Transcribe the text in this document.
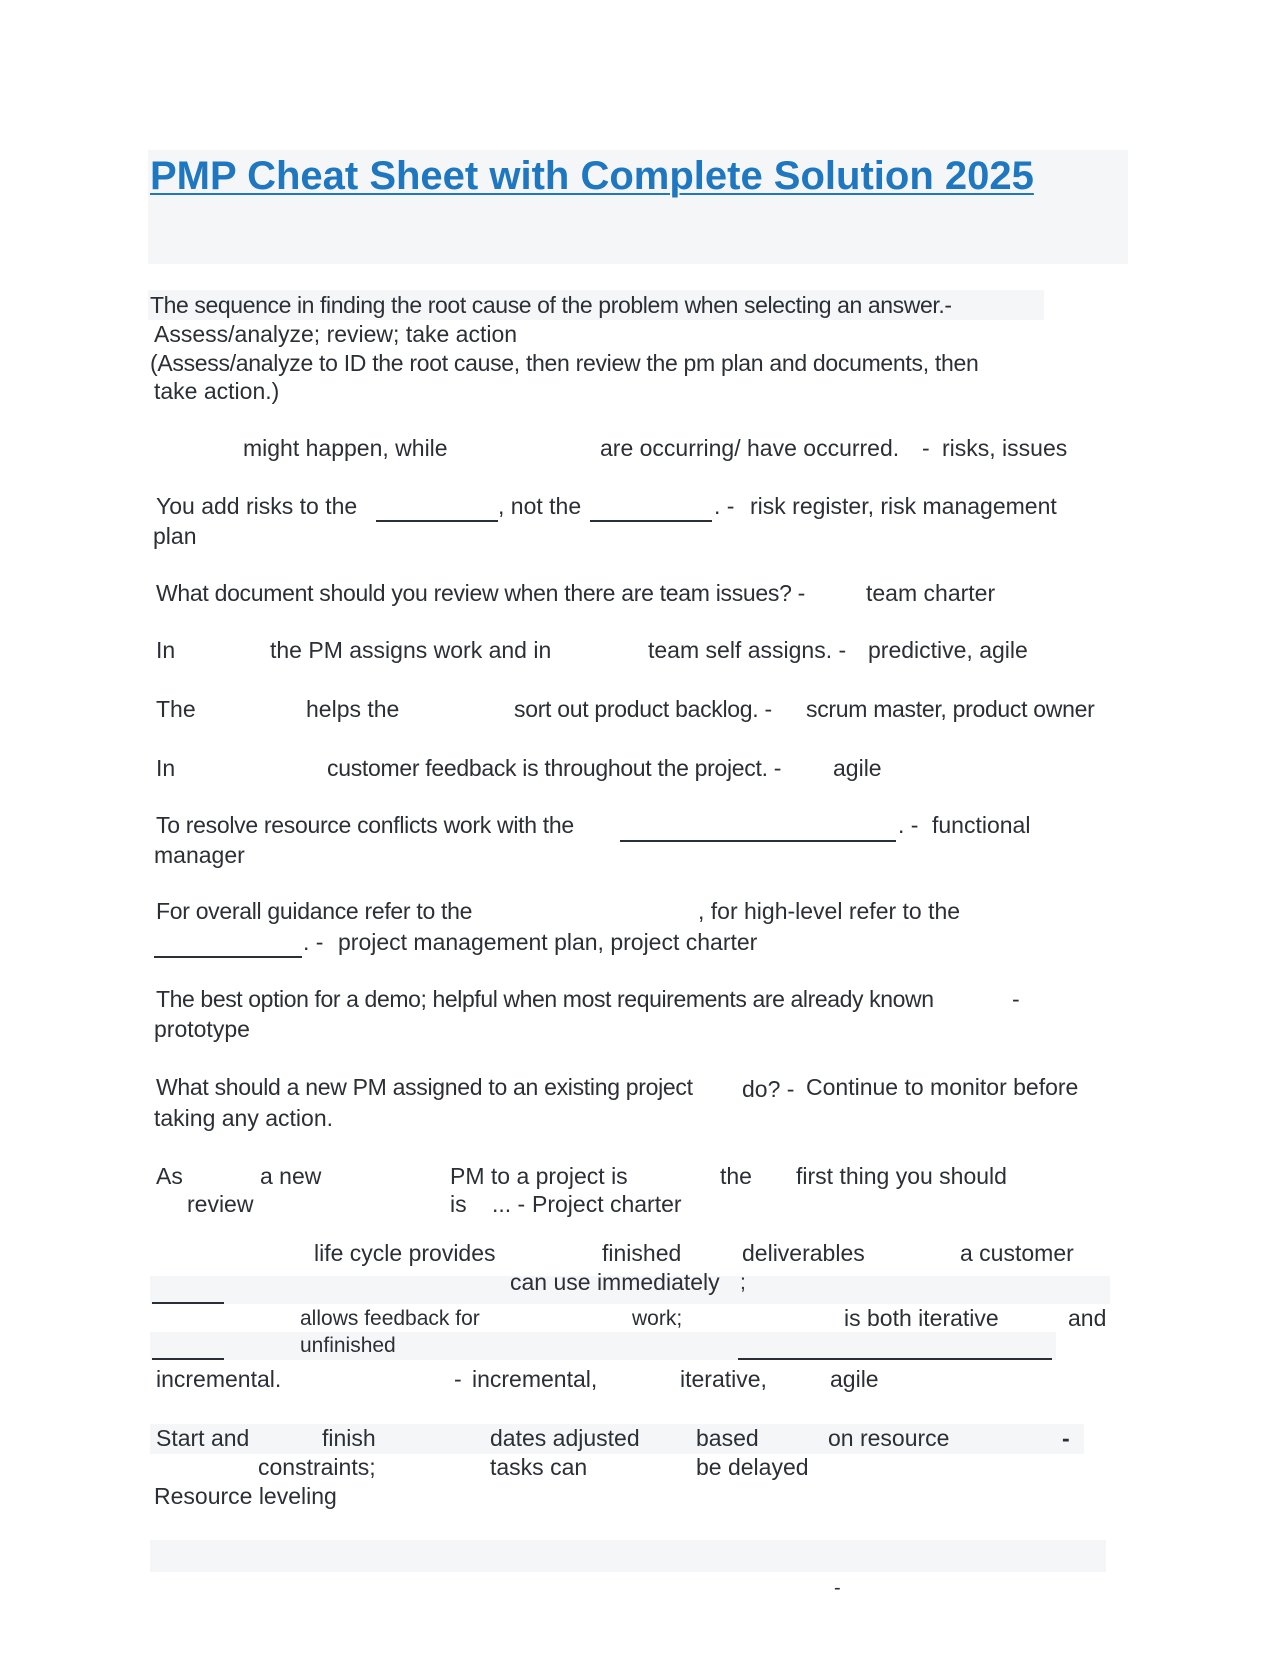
PMP Cheat Sheet with Complete Solution 2025
The sequence in finding the root cause of the problem when selecting an answer.-
Assess/analyze; review; take action
(Assess/analyze to ID the root cause, then review the pm plan and documents, then
take action.)
might happen, while	are occurring/ have occurred. - risks, issues
You add risks to the	, not the	. - risk register, risk management
plan
What document should you review when there are team issues? -	team charter
In	the PM assigns work and in	team self assigns. - predictive, agile
The	helps the	sort out product backlog. - scrum master, product owner
In	customer feedback is throughout the project. - agile
To resolve resource conflicts work with the	. - functional
manager
For overall guidance refer to the	, for high-level refer to the
. - project management plan, project charter
The best option for a demo; helpful when most requirements are already known	-
prototype
What should a new PM assigned to an existing project do? - Continue to monitor before
taking any action.
As	a new	PM to a project is	the first thing you should
review	is ... - Project charter
life cycle provides	finished	deliverables	a customer
can use immediately ;
allows feedback for	work;	is both iterative	and
unfinished
incremental.	- incremental,	iterative,	agile
Start and	finish	dates adjusted based	on resource	-
constraints;	tasks can	be delayed
Resource leveling
-
